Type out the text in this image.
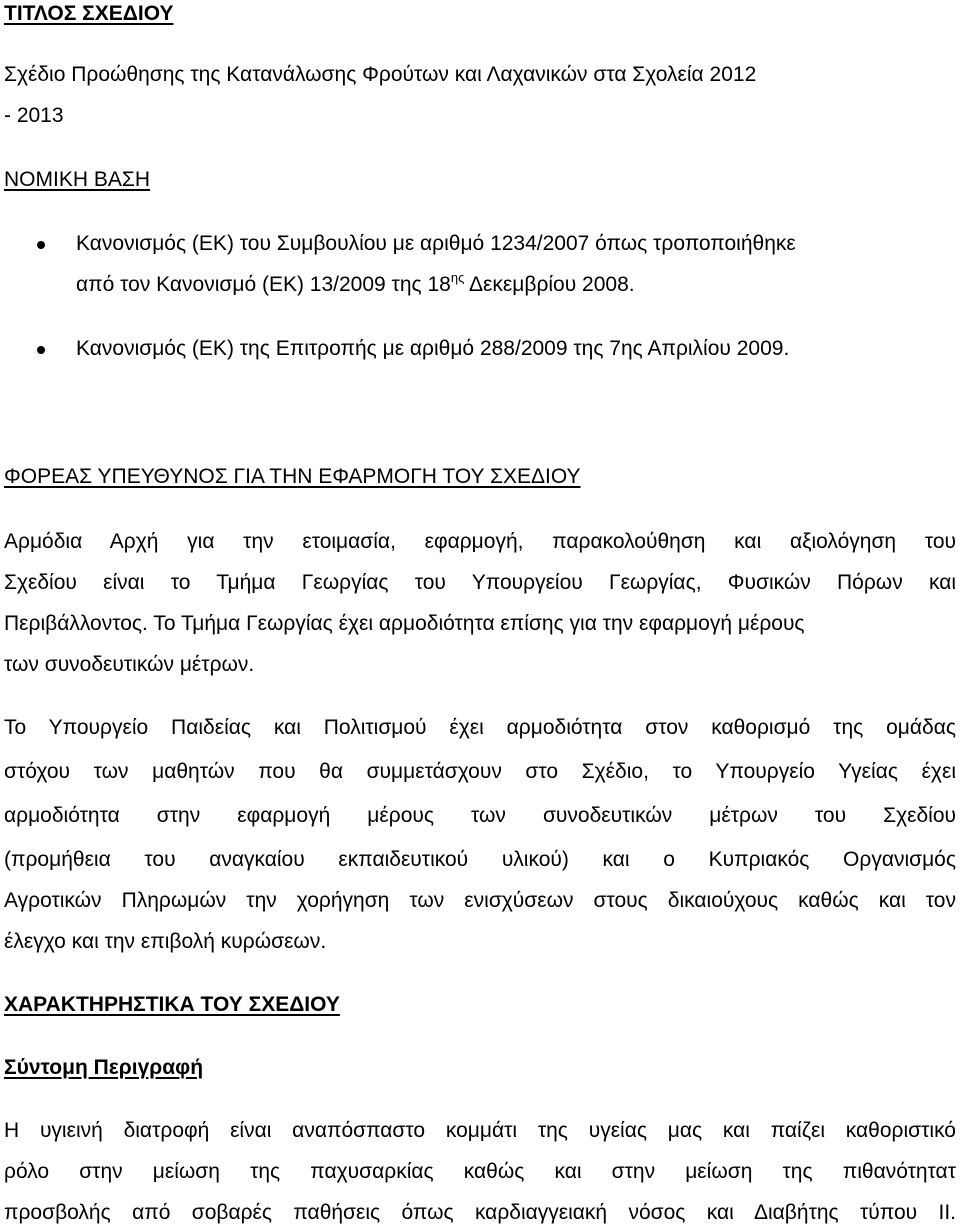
ΤΙΤΛΟΣ ΣΧΕΔΙΟΥ
Σχέδιο Προώθησης της Κατανάλωσης Φρούτων και Λαχανικών στα Σχολεία 2012
- 2013
ΝΟΜΙΚΗ ΒΑΣΗ
Κανονισμός (ΕΚ) του Συμβουλίου με αριθμό 1234/2007 όπως τροποποιήθηκε
από τον Κανονισμό (ΕΚ) 13/2009 της $18^{\eta\varsigma}$ Δεκεμβρίου 2008.
Κανονισμός (ΕΚ) της Επιτροπής με αριθμό 288/2009 της 7ης Απριλίου 2009.
ΦΟΡΕΑΣ ΥΠΕΥΘΥΝΟΣ ΓΙΑ ΤΗΝ ΕΦΑΡΜΟΓΗ ΤΟΥ ΣΧΕΔΙΟΥ
Αρμόδια Αρχή για την ετοιμασία, εφαρμογή, παρακολούθηση και αξιολόγηση του
Σχεδίου είναι το Τμήμα Γεωργίας του Υπουργείου Γεωργίας, Φυσικών Πόρων και
Περιβάλλοντος. Το Τμήμα Γεωργίας έχει αρμοδιότητα επίσης για την εφαρμογή μέρους
των συνοδευτικών μέτρων.
Το Υπουργείο Παιδείας και Πολιτισμού έχει αρμοδιότητα στον καθορισμό της ομάδας
στόχου των μαθητών που θα συμμετάσχουν στο Σχέδιο, το Υπουργείο Υγείας έχει
αρμοδιότητα στην εφαρμογή μέρους των συνοδευτικών μέτρων του Σχεδίου
(προμήθεια του αναγκαίου εκπαιδευτικού υλικού) και ο Κυπριακός Οργανισμός
Αγροτικών Πληρωμών την χορήγηση των ενισχύσεων στους δικαιούχους καθώς και τον
έλεγχο και την επιβολή κυρώσεων.
ΧΑΡΑΚΤΗΡΗΣΤΙΚΑ ΤΟΥ ΣΧΕΔΙΟΥ
Σύντομη Περιγραφή
Η υγιεινή διατροφή είναι αναπόσπαστο κομμάτι της υγείας μας και παίζει καθοριστικό
ρόλο στην μείωση της παχυσαρκίας καθώς και στην μείωση της πιθανότητατ
προσβολής από σοβαρές παθήσεις όπως καρδιαγγειακή νόσος και Διαβήτης τύπου ΙΙ.
